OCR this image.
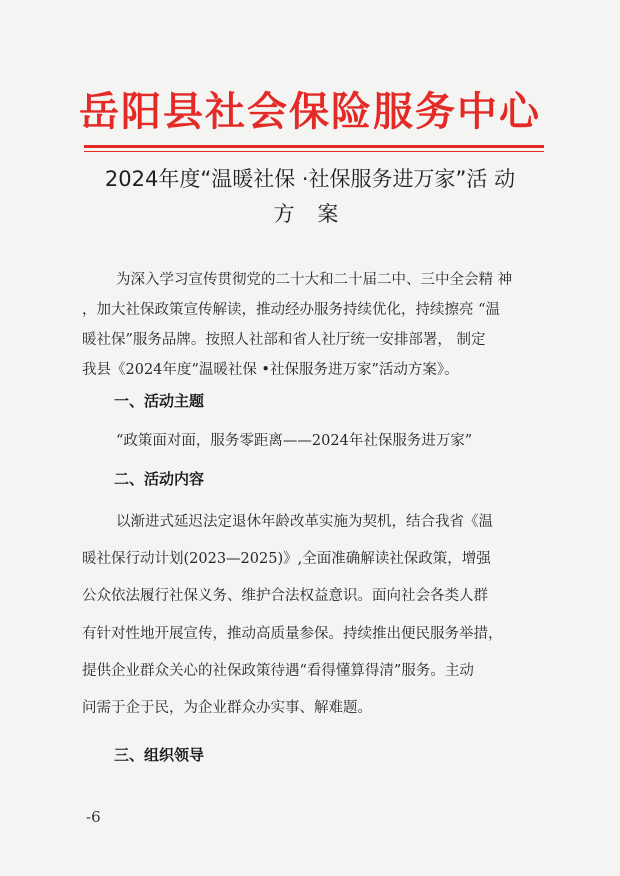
岳阳县社会保险服务中心
2024年度“温暖社保 ·社保服务进万家”活 动
方 案
为深入学习宣传贯彻党的二十大和二十届二中、三中全会精 神
，加大社保政策宣传解读，推动经办服务持续优化，持续擦亮 “温
暖社保”服务品牌。按照人社部和省人社厅统一安排部署， 制定
我县《2024年度“温暖社保 •社保服务进万家”活动方案》。
一、活动主题
“政策面对面，服务零距离——2024年社保服务进万家”
二、活动内容
以渐进式延迟法定退休年龄改革实施为契机，结合我省《温
暖社保行动计划(2023—2025)》,全面准确解读社保政策，增强
公众依法履行社保义务、维护合法权益意识。面向社会各类人群
有针对性地开展宣传，推动高质量参保。持续推出便民服务举措，
提供企业群众关心的社保政策待遇“看得懂算得清”服务。主动
问需于企于民，为企业群众办实事、解难题。
三、组织领导
-6
